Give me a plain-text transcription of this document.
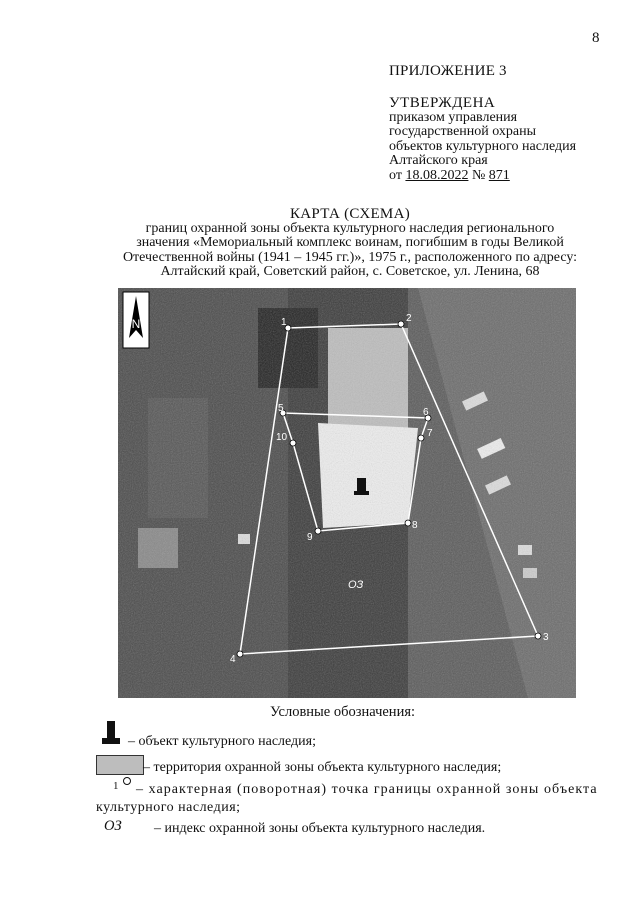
8
ПРИЛОЖЕНИЕ 3
УТВЕРЖДЕНА
приказом управления
государственной охраны
объектов культурного наследия
Алтайского края
от 18.08.2022 № 871
КАРТА (СХЕМА)
границ охранной зоны объекта культурного наследия регионального
значения «Мемориальный комплекс воинам, погибшим в годы Великой
Отечественной войны (1941 – 1945 гг.)», 1975 г., расположенного по адресу:
Алтайский край, Советский район, с. Советское, ул. Ленина, 68
N	1	2
3
4
5	6
7
8
9
10
ОЗ
Условные обозначения:
– объект культурного наследия;
– территория охранной зоны объекта культурного наследия;
1 – характерная (поворотная) точка границы охранной зоны объекта
культурного наследия;
ОЗ – индекс охранной зоны объекта культурного наследия.
